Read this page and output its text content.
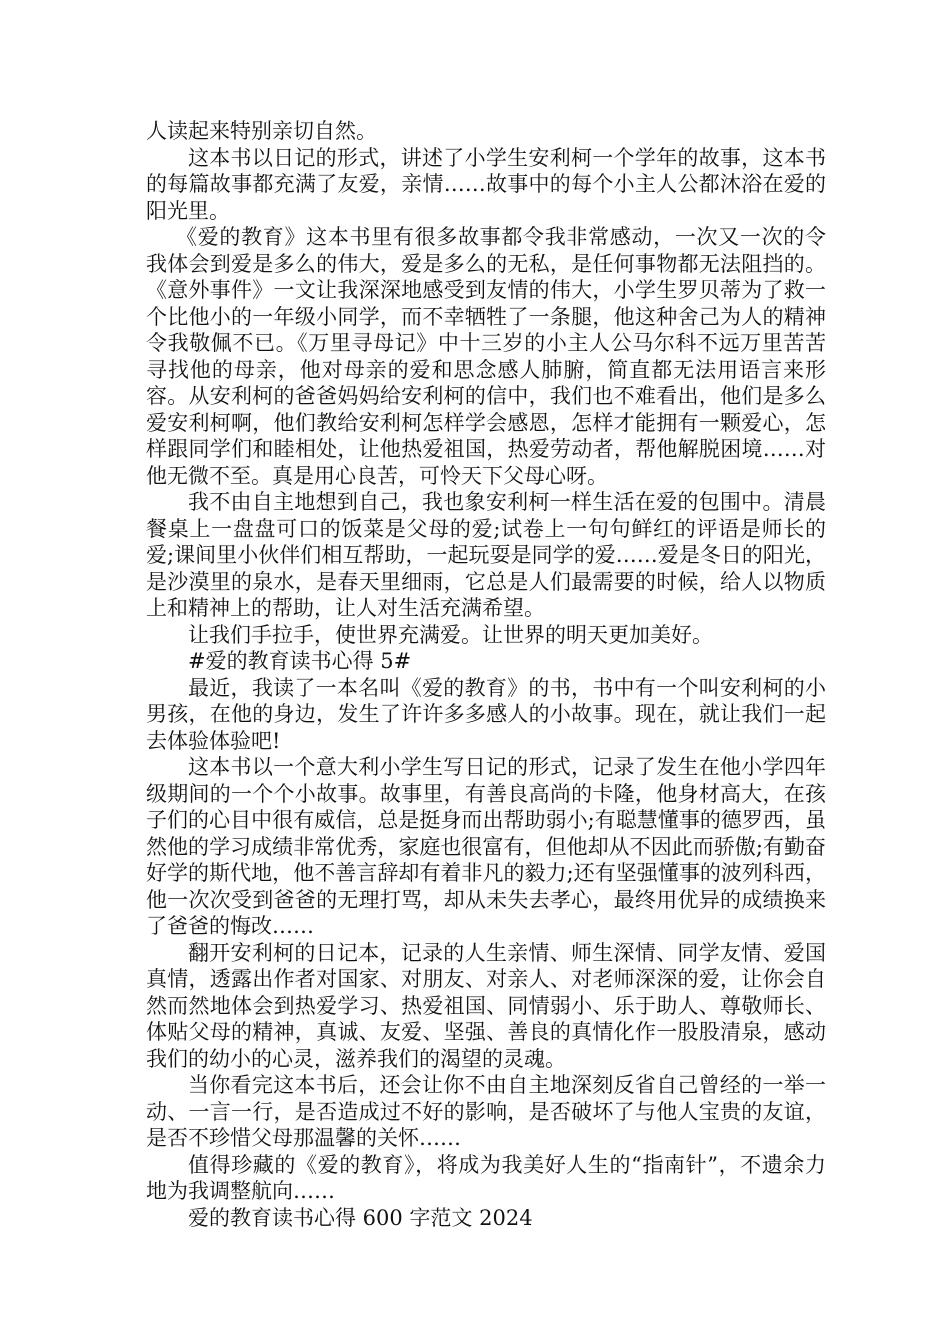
人读起来特别亲切自然。

这本书以日记的形式，讲述了小学生安利柯一个学年的故事，这本书的每篇故事都充满了友爱，亲情……故事中的每个小主人公都沐浴在爱的阳光里。

《爱的教育》这本书里有很多故事都令我非常感动，一次又一次的令我体会到爱是多么的伟大，爱是多么的无私，是任何事物都无法阻挡的。《意外事件》一文让我深深地感受到友情的伟大，小学生罗贝蒂为了救一个比他小的一年级小同学，而不幸牺牲了一条腿，他这种舍己为人的精神令我敬佩不已。《万里寻母记》中十三岁的小主人公马尔科不远万里苦苦寻找他的母亲，他对母亲的爱和思念感人肺腑，简直都无法用语言来形容。从安利柯的爸爸妈妈给安利柯的信中，我们也不难看出，他们是多么爱安利柯啊，他们教给安利柯怎样学会感恩，怎样才能拥有一颗爱心，怎样跟同学们和睦相处，让他热爱祖国，热爱劳动者，帮他解脱困境……对他无微不至。真是用心良苦，可怜天下父母心呀。

我不由自主地想到自己，我也象安利柯一样生活在爱的包围中。清晨餐桌上一盘盘可口的饭菜是父母的爱;试卷上一句句鲜红的评语是师长的爱;课间里小伙伴们相互帮助，一起玩耍是同学的爱……爱是冬日的阳光，是沙漠里的泉水，是春天里细雨，它总是人们最需要的时候，给人以物质上和精神上的帮助，让人对生活充满希望。

让我们手拉手，使世界充满爱。让世界的明天更加美好。

#爱的教育读书心得 5#

最近，我读了一本名叫《爱的教育》的书，书中有一个叫安利柯的小男孩，在他的身边，发生了许许多多感人的小故事。现在，就让我们一起去体验体验吧!

这本书以一个意大利小学生写日记的形式，记录了发生在他小学四年级期间的一个个小故事。故事里，有善良高尚的卡隆，他身材高大，在孩子们的心目中很有威信，总是挺身而出帮助弱小;有聪慧懂事的德罗西，虽然他的学习成绩非常优秀，家庭也很富有，但他却从不因此而骄傲;有勤奋好学的斯代地，他不善言辞却有着非凡的毅力;还有坚强懂事的波列科西，他一次次受到爸爸的无理打骂，却从未失去孝心，最终用优异的成绩换来了爸爸的悔改……

翻开安利柯的日记本，记录的人生亲情、师生深情、同学友情、爱国真情，透露出作者对国家、对朋友、对亲人、对老师深深的爱，让你会自然而然地体会到热爱学习、热爱祖国、同情弱小、乐于助人、尊敬师长、体贴父母的精神，真诚、友爱、坚强、善良的真情化作一股股清泉，感动我们的幼小的心灵，滋养我们的渴望的灵魂。

当你看完这本书后，还会让你不由自主地深刻反省自己曾经的一举一动、一言一行，是否造成过不好的影响，是否破坏了与他人宝贵的友谊，是否不珍惜父母那温馨的关怀……

值得珍藏的《爱的教育》，将成为我美好人生的“指南针”，不遗余力地为我调整航向……

爱的教育读书心得 600 字范文 2024
